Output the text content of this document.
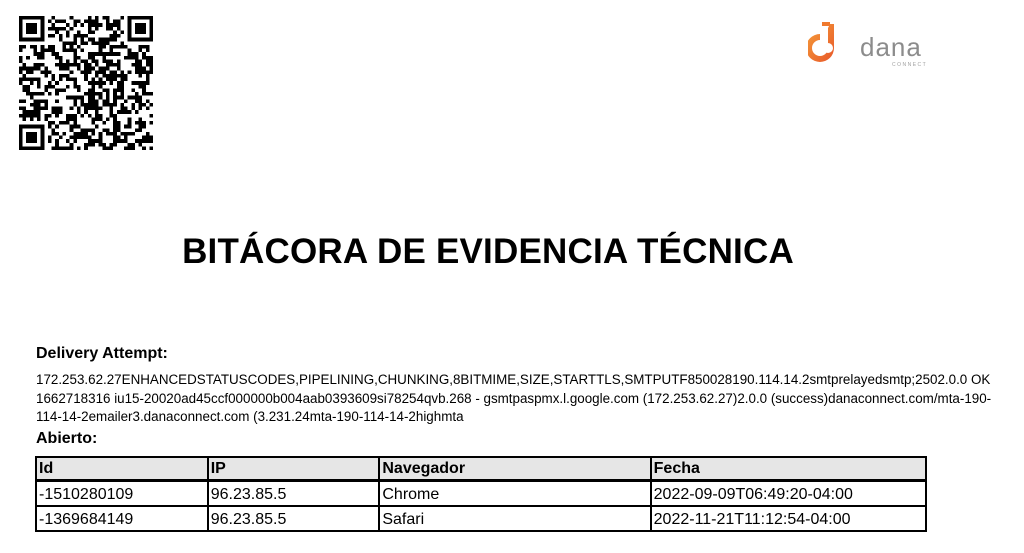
dana
CONNECT
BITÁCORA DE EVIDENCIA TÉCNICA
Delivery Attempt:
172.253.62.27ENHANCEDSTATUSCODES,PIPELINING,CHUNKING,8BITMIME,SIZE,STARTTLS,SMTPUTF850028190.114.14.2smtprelayedsmtp;2502.0.0 OK 1662718316 iu15-20020ad45ccf000000b004aab0393609si78254qvb.268 - gsmtpaspmx.l.google.com (172.253.62.27)2.0.0 (success)danaconnect.com/mta-190-114-14-2emailer3.danaconnect.com (3.231.24mta-190-114-14-2highmta
Abierto:
Id	IP	Navegador	Fecha
-1510280109	96.23.85.5	Chrome	2022-09-09T06:49:20-04:00
-1369684149	96.23.85.5	Safari	2022-11-21T11:12:54-04:00
